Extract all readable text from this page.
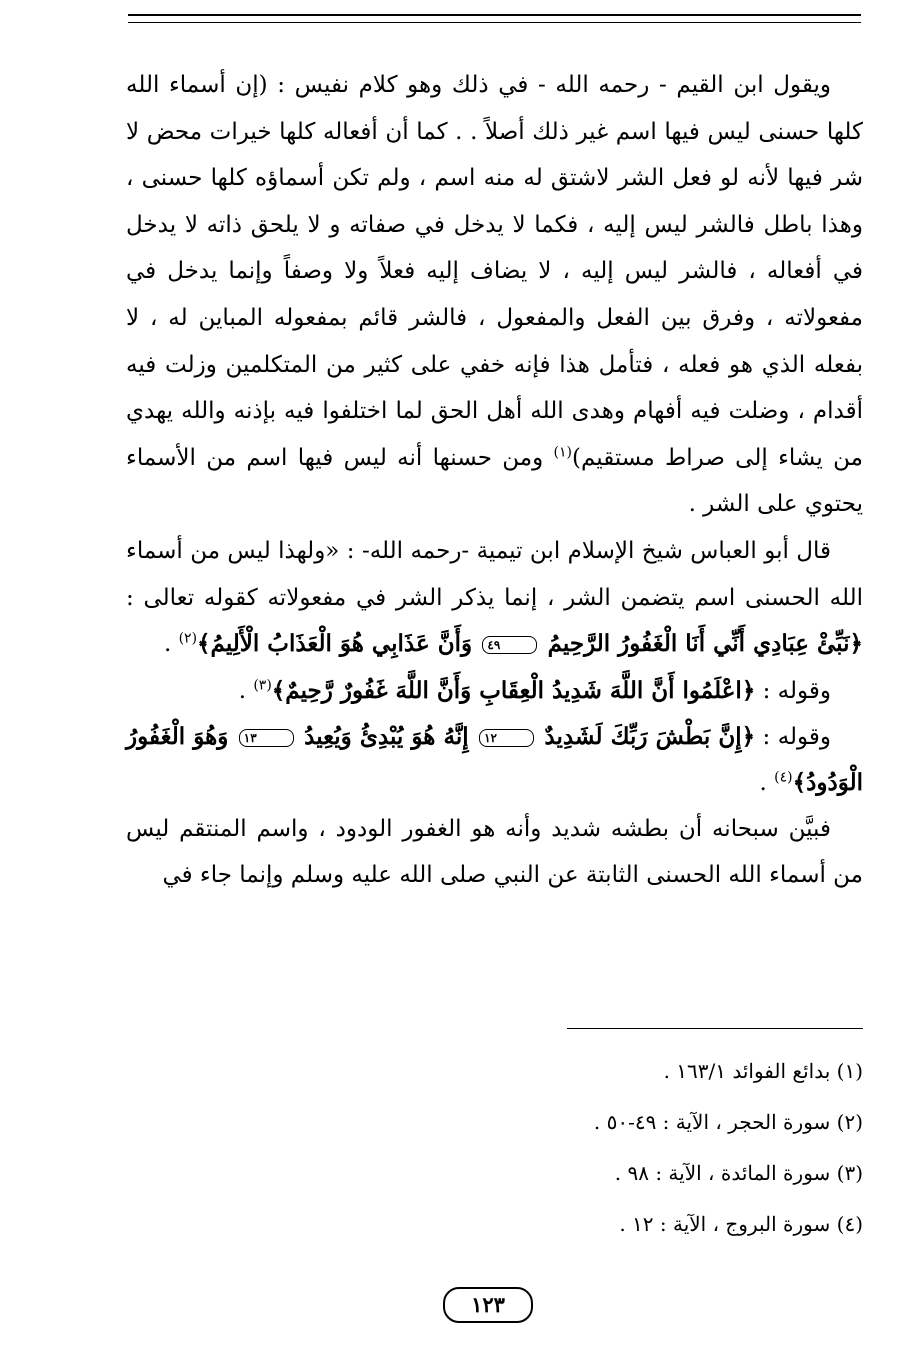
ويقول ابن القيم - رحمه الله - في ذلك وهو كلام نفيس : (إن أسماء الله كلها حسنى ليس فيها اسم غير ذلك أصلاً . . كما أن أفعاله كلها خيرات محض لا شر فيها لأنه لو فعل الشر لاشتق له منه اسم ، ولم تكن أسماؤه كلها حسنى ، وهذا باطل فالشر ليس إليه ، فكما لا يدخل في صفاته و لا يلحق ذاته لا يدخل في أفعاله ، فالشر ليس إليه ، لا يضاف إليه فعلاً ولا وصفاً وإنما يدخل في مفعولاته ، وفرق بين الفعل والمفعول ، فالشر قائم بمفعوله المباين له ، لا بفعله الذي هو فعله ، فتأمل هذا فإنه خفي على كثير من المتكلمين وزلت فيه أقدام ، وضلت فيه أفهام وهدى الله أهل الحق لما اختلفوا فيه بإذنه والله يهدي من يشاء إلى صراط مستقيم)$^{(١)}$ ومن حسنها أنه ليس فيها اسم من الأسماء يحتوي على الشر .

قال أبو العباس شيخ الإسلام ابن تيمية -رحمه الله- : «ولهذا ليس من أسماء الله الحسنى اسم يتضمن الشر ، إنما يذكر الشر في مفعولاته كقوله تعالى : ﴿نَبِّئْ عِبَادِي أَنِّي أَنَا الْغَفُورُ الرَّحِيمُ ٤٩ وَأَنَّ عَذَابِي هُوَ الْعَذَابُ الْأَلِيمُ﴾$^{(٢)}$ .

وقوله : ﴿اعْلَمُوا أَنَّ اللَّهَ شَدِيدُ الْعِقَابِ وَأَنَّ اللَّهَ غَفُورٌ رَّحِيمٌ﴾$^{(٣)}$ .

وقوله : ﴿إِنَّ بَطْشَ رَبِّكَ لَشَدِيدٌ ١٢ إِنَّهُ هُوَ يُبْدِئُ وَيُعِيدُ ١٣ وَهُوَ الْغَفُورُ الْوَدُودُ﴾$^{(٤)}$ .

فبيَّن سبحانه أن بطشه شديد وأنه هو الغفور الودود ، واسم المنتقم ليس من أسماء الله الحسنى الثابتة عن النبي صلى الله عليه وسلم وإنما جاء في

(١) بدائع الفوائد ١٦٣/١ .
(٢) سورة الحجر ، الآية : ٤٩-٥٠ .
(٣) سورة المائدة ، الآية : ٩٨ .
(٤) سورة البروج ، الآية : ١٢ .
١٢٣
